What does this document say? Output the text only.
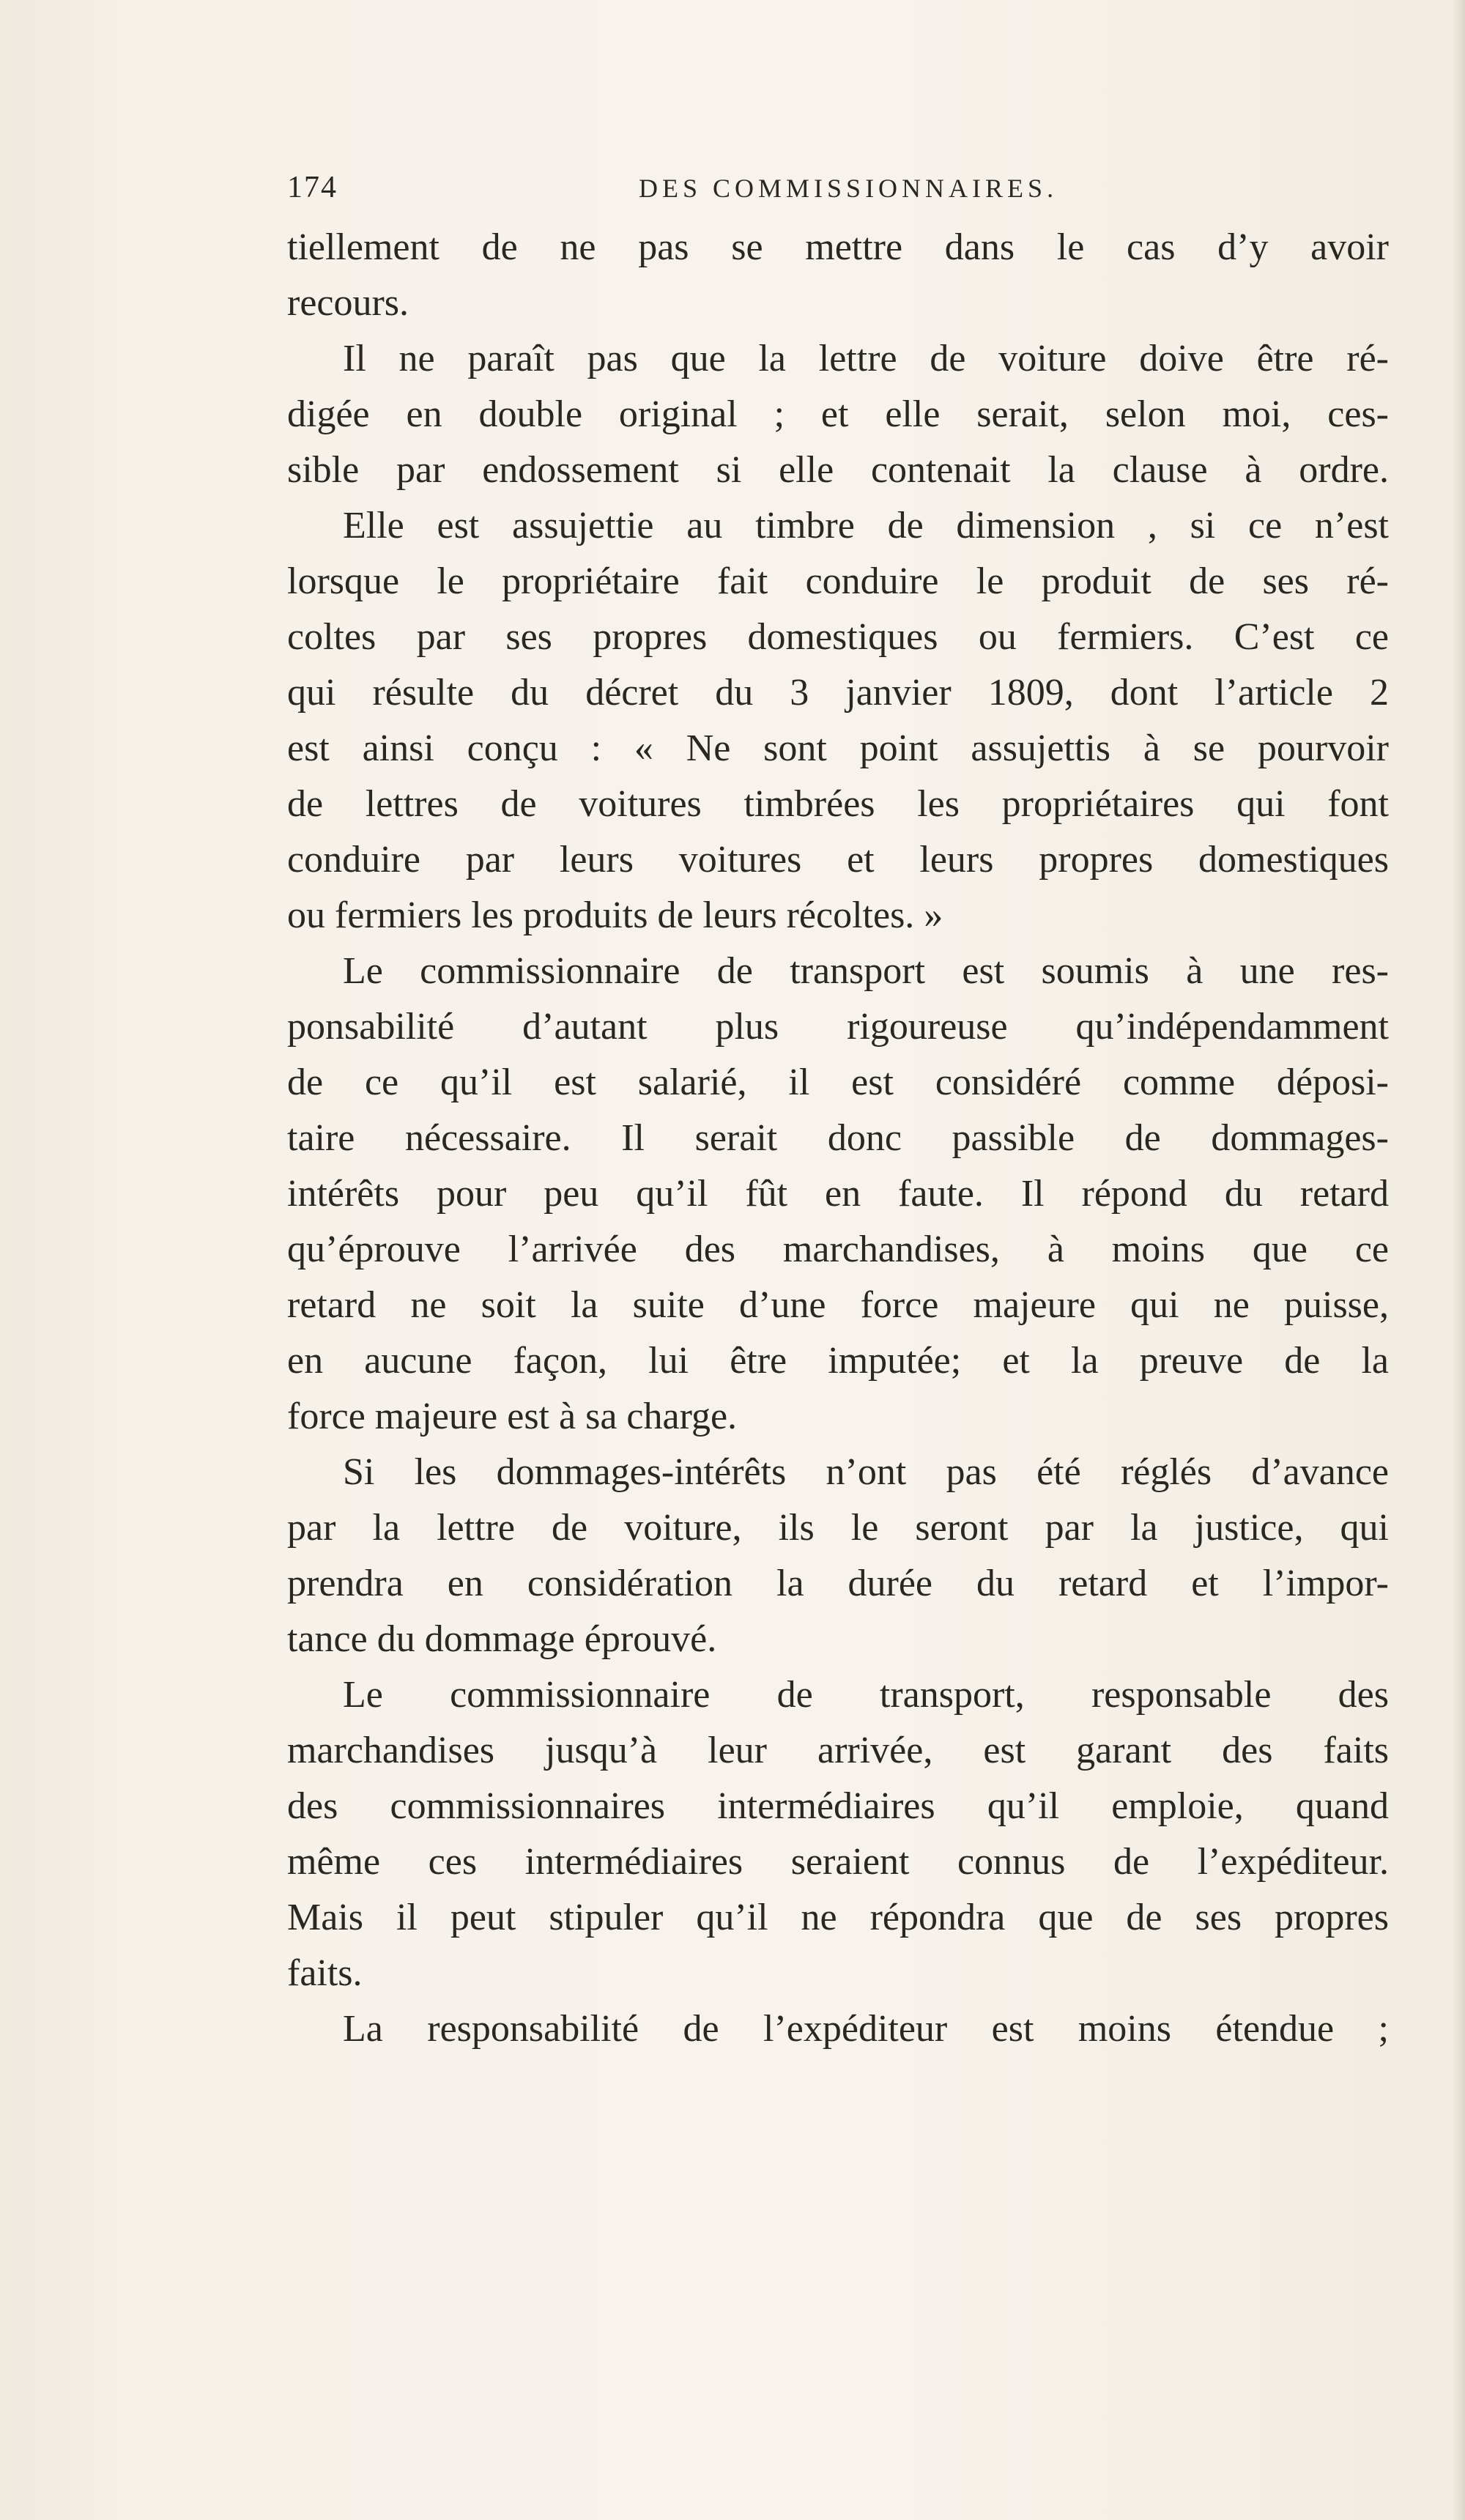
174	DES COMMISSIONNAIRES.
tiellement de ne pas se mettre dans le cas d’y avoir
recours.
Il ne paraît pas que la lettre de voiture doive être ré-
digée en double original ; et elle serait, selon moi, ces-
sible par endossement si elle contenait la clause à ordre.
Elle est assujettie au timbre de dimension , si ce n’est
lorsque le propriétaire fait conduire le produit de ses ré-
coltes par ses propres domestiques ou fermiers. C’est ce
qui résulte du décret du 3 janvier 1809, dont l’article 2
est ainsi conçu : « Ne sont point assujettis à se pourvoir
de lettres de voitures timbrées les propriétaires qui font
conduire par leurs voitures et leurs propres domestiques
ou fermiers les produits de leurs récoltes. »
Le commissionnaire de transport est soumis à une res-
ponsabilité d’autant plus rigoureuse qu’indépendamment
de ce qu’il est salarié, il est considéré comme déposi-
taire nécessaire. Il serait donc passible de dommages-
intérêts pour peu qu’il fût en faute. Il répond du retard
qu’éprouve l’arrivée des marchandises, à moins que ce
retard ne soit la suite d’une force majeure qui ne puisse,
en aucune façon, lui être imputée; et la preuve de la
force majeure est à sa charge.
Si les dommages-intérêts n’ont pas été réglés d’avance
par la lettre de voiture, ils le seront par la justice, qui
prendra en considération la durée du retard et l’impor-
tance du dommage éprouvé.
Le commissionnaire de transport, responsable des
marchandises jusqu’à leur arrivée, est garant des faits
des commissionnaires intermédiaires qu’il emploie, quand
même ces intermédiaires seraient connus de l’expéditeur.
Mais il peut stipuler qu’il ne répondra que de ses propres
faits.
La responsabilité de l’expéditeur est moins étendue ;
